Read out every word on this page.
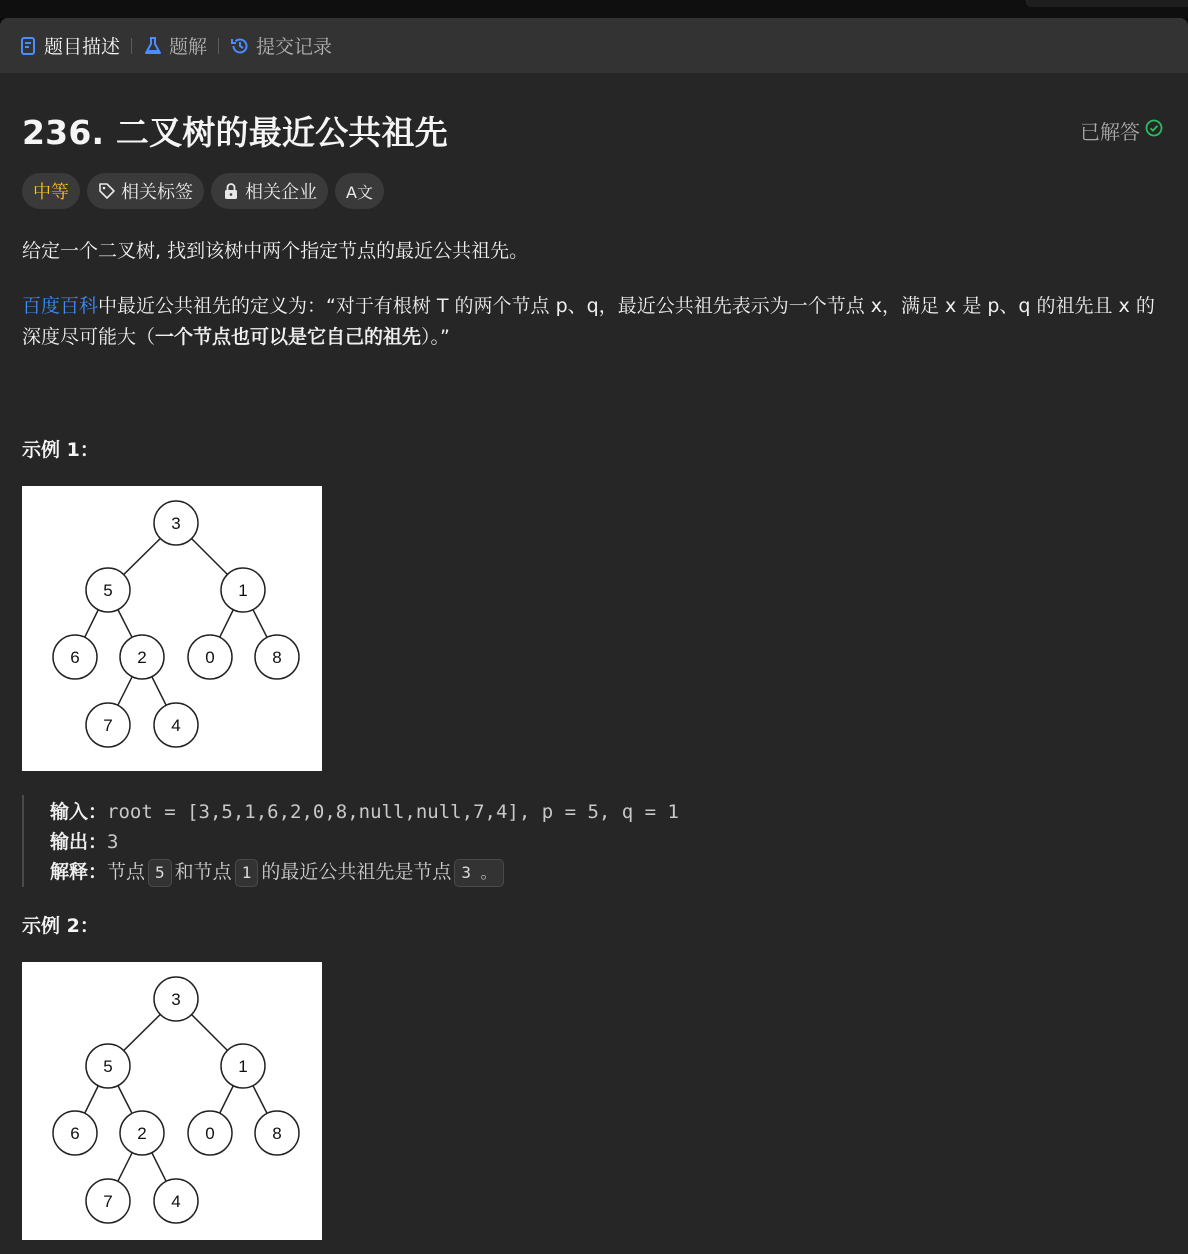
题目描述	题解	提交记录
236. 二叉树的最近公共祖先	已解答
中等	相关标签	相关企业 A文
给定一个二叉树, 找到该树中两个指定节点的最近公共祖先。
百度百科中最近公共祖先的定义为：“对于有根树 T 的两个节点 p、q，最近公共祖先表示为一个节点 x，满足 x 是 p、q 的祖先且 x 的深度尽可能大（一个节点也可以是它自己的祖先）。”
示例 1：
3
5	1
6	2	0	8
7	4
输入：root = [3,5,1,6,2,0,8,null,null,7,4], p = 5, q = 1
输出：3
解释：节点 5 和节点 1 的最近公共祖先是节点 3 。
示例 2：
3
5	1
6	2	0	8
7	4
